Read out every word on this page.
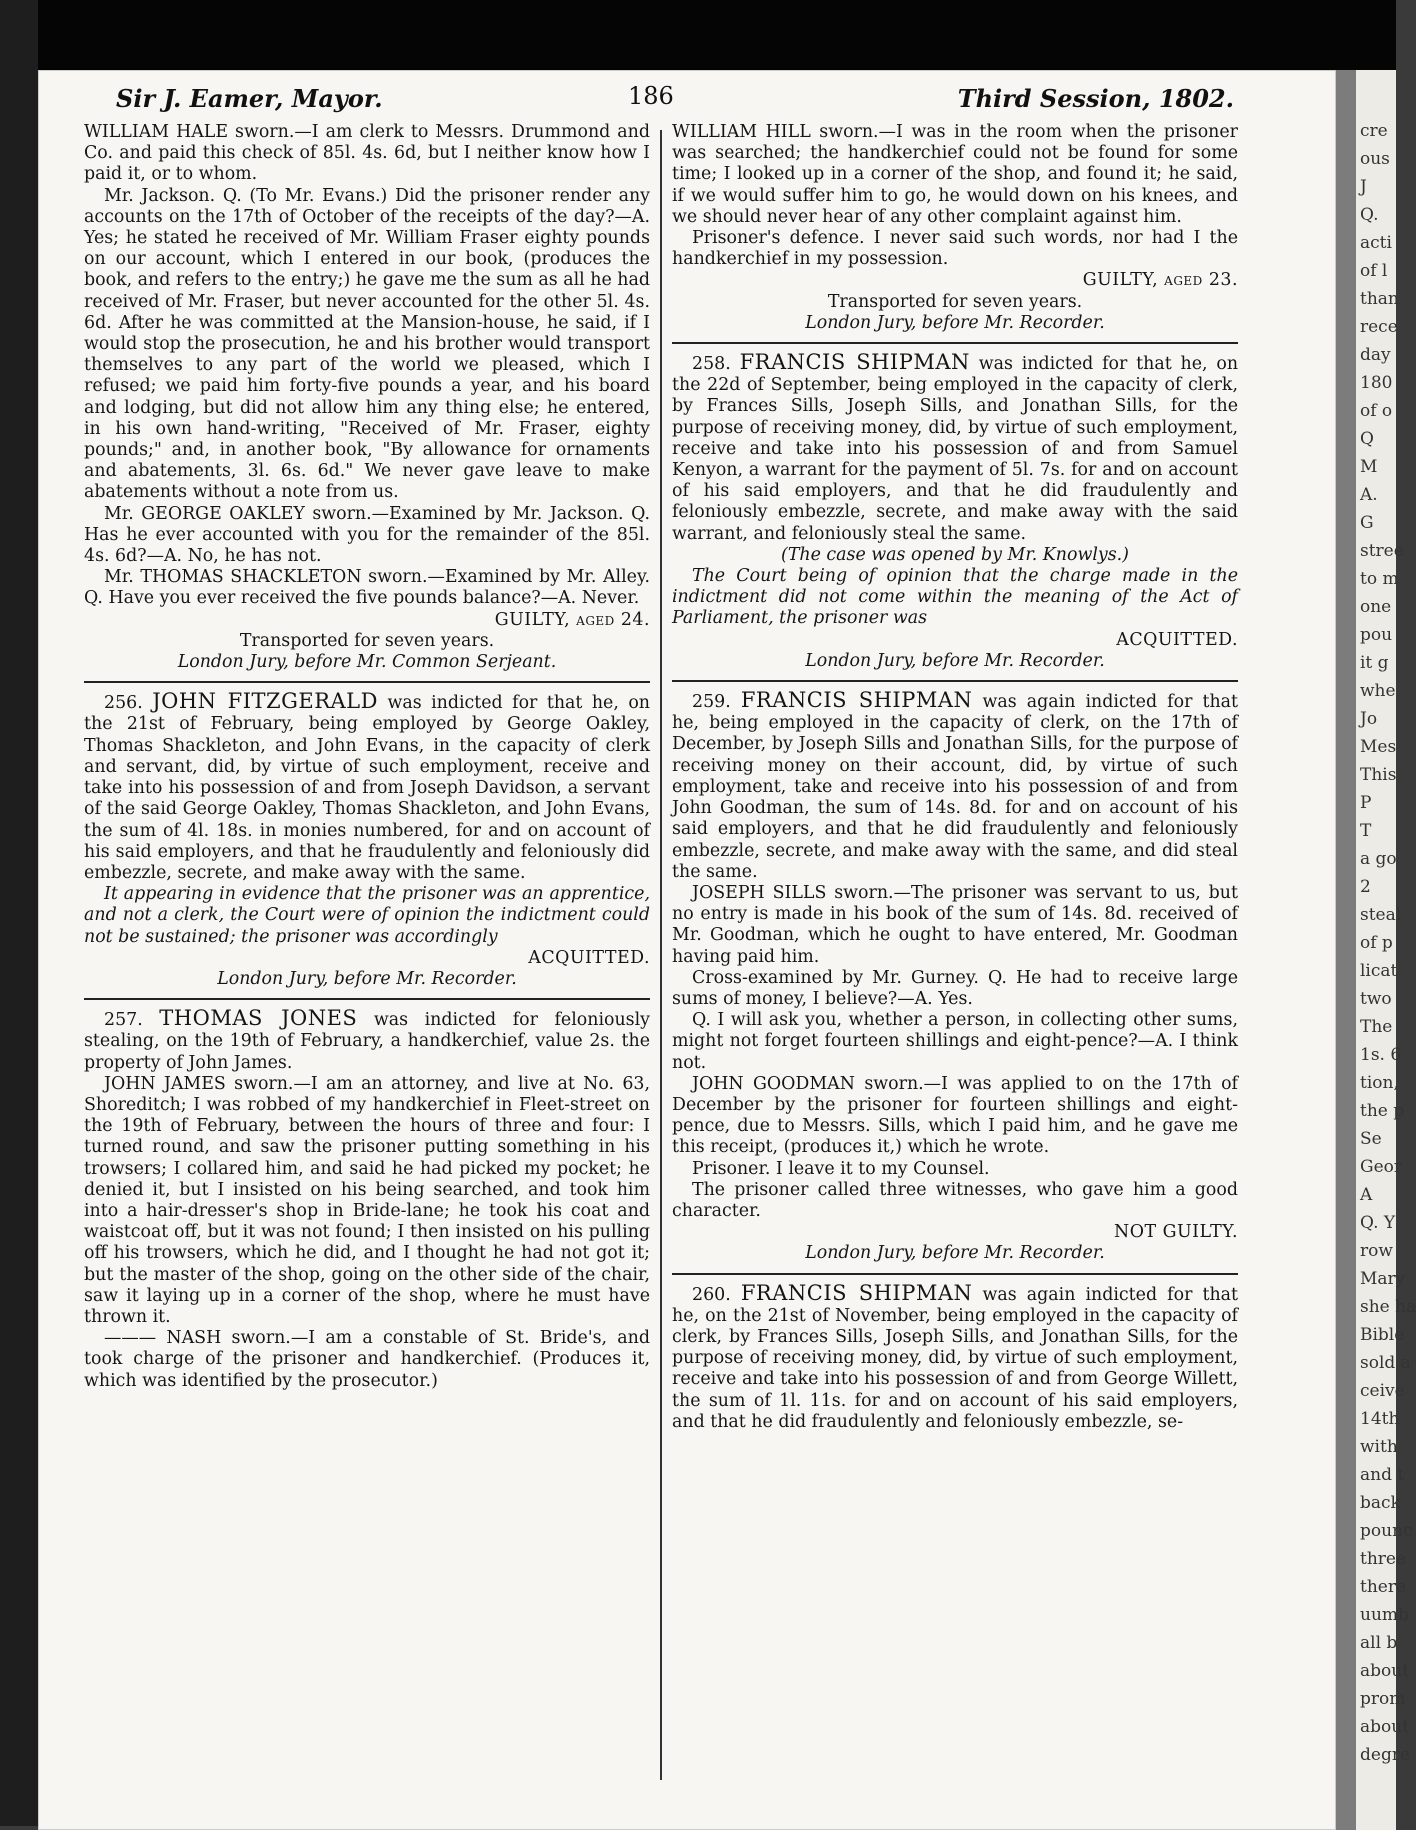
cre
ous
J
Q.
acti
of l
than
rece
day
180
of o
Q
M
A.
G
stree
to m
one
pou
it g
whe
Jo
Mes
This
P
T
a go
2
steal
of p
licat
two
The
1s. 6
tion,
the p
Se
Geor
A
Q. Y
row
Mary
she ha
Bible
sold a
ceive
14th
with
and t
back
pounc
three
there
uumb
all b
about
prom
about
degre
Sir J. Eamer, Mayor.	186	Third Session, 1802.

WILLIAM HALE sworn.—I am clerk to Messrs. Drummond and Co. and paid this check of 85l. 4s. 6d, but I neither know how I paid it, or to whom.

Mr. Jackson. Q. (To Mr. Evans.) Did the prisoner render any accounts on the 17th of October of the receipts of the day?—A. Yes; he stated he received of Mr. William Fraser eighty pounds on our account, which I entered in our book, (produces the book, and refers to the entry;) he gave me the sum as all he had received of Mr. Fraser, but never accounted for the other 5l. 4s. 6d. After he was committed at the Mansion-house, he said, if I would stop the prosecution, he and his brother would transport themselves to any part of the world we pleased, which I refused; we paid him forty-five pounds a year, and his board and lodging, but did not allow him any thing else; he entered, in his own hand-writing, "Received of Mr. Fraser, eighty pounds;" and, in another book, "By allowance for ornaments and abatements, 3l. 6s. 6d." We never gave leave to make abatements without a note from us.

Mr. GEORGE OAKLEY sworn.—Examined by Mr. Jackson. Q. Has he ever accounted with you for the remainder of the 85l. 4s. 6d?—A. No, he has not.

Mr. THOMAS SHACKLETON sworn.—Examined by Mr. Alley. Q. Have you ever received the five pounds balance?—A. Never.

GUILTY, aged 24.

Transported for seven years.

London Jury, before Mr. Common Serjeant.

256. JOHN FITZGERALD was indicted for that he, on the 21st of February, being employed by George Oakley, Thomas Shackleton, and John Evans, in the capacity of clerk and servant, did, by virtue of such employment, receive and take into his possession of and from Joseph Davidson, a servant of the said George Oakley, Thomas Shackleton, and John Evans, the sum of 4l. 18s. in monies numbered, for and on account of his said employers, and that he fraudulently and feloniously did embezzle, secrete, and make away with the same.

It appearing in evidence that the prisoner was an apprentice, and not a clerk, the Court were of opinion the indictment could not be sustained; the prisoner was accordingly

ACQUITTED.

London Jury, before Mr. Recorder.

257. THOMAS JONES was indicted for feloniously stealing, on the 19th of February, a handkerchief, value 2s. the property of John James.

JOHN JAMES sworn.—I am an attorney, and live at No. 63, Shoreditch; I was robbed of my handkerchief in Fleet-street on the 19th of February, between the hours of three and four: I turned round, and saw the prisoner putting something in his trowsers; I collared him, and said he had picked my pocket; he denied it, but I insisted on his being searched, and took him into a hair-dresser's shop in Bride-lane; he took his coat and waistcoat off, but it was not found; I then insisted on his pulling off his trowsers, which he did, and I thought he had not got it; but the master of the shop, going on the other side of the chair, saw it laying up in a corner of the shop, where he must have thrown it.

——— NASH sworn.—I am a constable of St. Bride's, and took charge of the prisoner and handkerchief. (Produces it, which was identified by the prosecutor.)

WILLIAM HILL sworn.—I was in the room when the prisoner was searched; the handkerchief could not be found for some time; I looked up in a corner of the shop, and found it; he said, if we would suffer him to go, he would down on his knees, and we should never hear of any other complaint against him.

Prisoner's defence. I never said such words, nor had I the handkerchief in my possession.

GUILTY, aged 23.

Transported for seven years.

London Jury, before Mr. Recorder.

258. FRANCIS SHIPMAN was indicted for that he, on the 22d of September, being employed in the capacity of clerk, by Frances Sills, Joseph Sills, and Jonathan Sills, for the purpose of receiving money, did, by virtue of such employment, receive and take into his possession of and from Samuel Kenyon, a warrant for the payment of 5l. 7s. for and on account of his said employers, and that he did fraudulently and feloniously embezzle, secrete, and make away with the said warrant, and feloniously steal the same.

(The case was opened by Mr. Knowlys.)

The Court being of opinion that the charge made in the indictment did not come within the meaning of the Act of Parliament, the prisoner was

ACQUITTED.

London Jury, before Mr. Recorder.

259. FRANCIS SHIPMAN was again indicted for that he, being employed in the capacity of clerk, on the 17th of December, by Joseph Sills and Jonathan Sills, for the purpose of receiving money on their account, did, by virtue of such employment, take and receive into his possession of and from John Goodman, the sum of 14s. 8d. for and on account of his said employers, and that he did fraudulently and feloniously embezzle, secrete, and make away with the same, and did steal the same.

JOSEPH SILLS sworn.—The prisoner was servant to us, but no entry is made in his book of the sum of 14s. 8d. received of Mr. Goodman, which he ought to have entered, Mr. Goodman having paid him.

Cross-examined by Mr. Gurney. Q. He had to receive large sums of money, I believe?—A. Yes.

Q. I will ask you, whether a person, in collecting other sums, might not forget fourteen shillings and eight-pence?—A. I think not.

JOHN GOODMAN sworn.—I was applied to on the 17th of December by the prisoner for fourteen shillings and eight-pence, due to Messrs. Sills, which I paid him, and he gave me this receipt, (produces it,) which he wrote.

Prisoner. I leave it to my Counsel.

The prisoner called three witnesses, who gave him a good character.

NOT GUILTY.

London Jury, before Mr. Recorder.

260. FRANCIS SHIPMAN was again indicted for that he, on the 21st of November, being employed in the capacity of clerk, by Frances Sills, Joseph Sills, and Jonathan Sills, for the purpose of receiving money, did, by virtue of such employment, receive and take into his possession of and from George Willett, the sum of 1l. 11s. for and on account of his said employers, and that he did fraudulently and feloniously embezzle, se-
